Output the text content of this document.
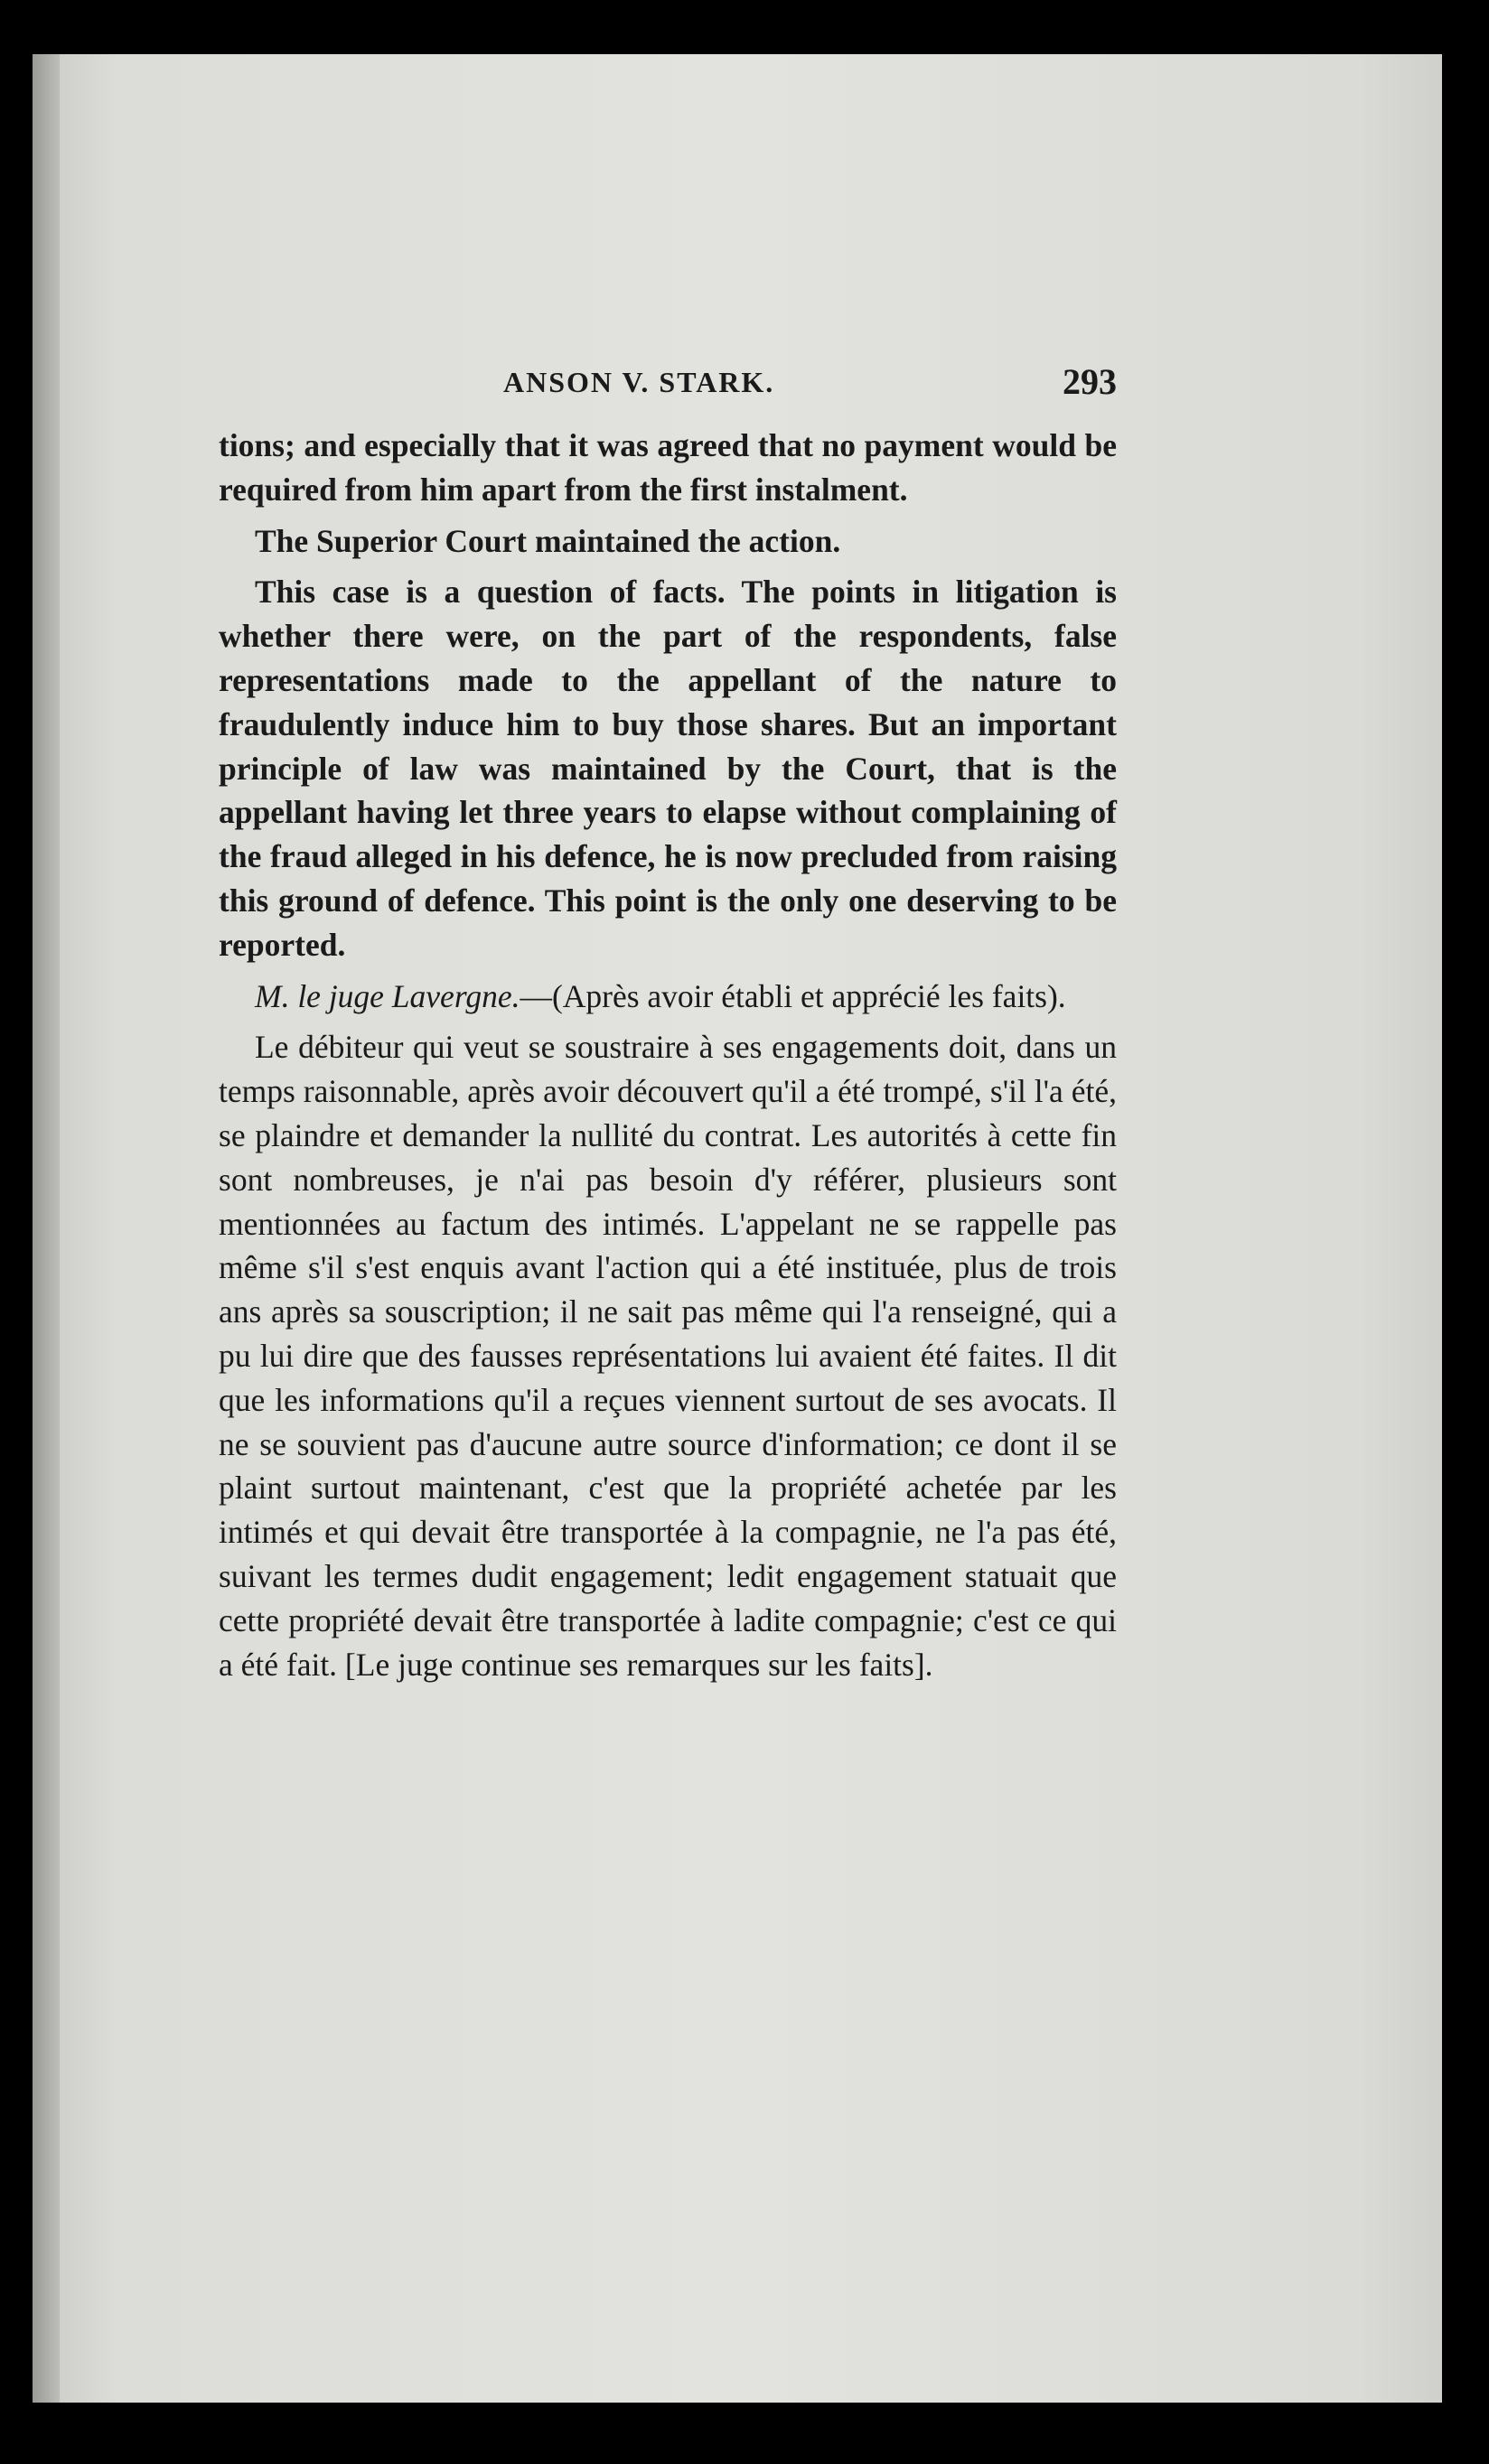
ANSON V. STARK.	293

tions; and especially that it was agreed that no payment would be required from him apart from the first instalment.

The Superior Court maintained the action.

This case is a question of facts. The points in litigation is whether there were, on the part of the respondents, false representations made to the appellant of the nature to fraudulently induce him to buy those shares. But an important principle of law was maintained by the Court, that is the appellant having let three years to elapse without complaining of the fraud alleged in his defence, he is now precluded from raising this ground of defence. This point is the only one deserving to be reported.

M. le juge Lavergne.—(Après avoir établi et apprécié les faits).

Le débiteur qui veut se soustraire à ses engagements doit, dans un temps raisonnable, après avoir découvert qu'il a été trompé, s'il l'a été, se plaindre et demander la nullité du contrat. Les autorités à cette fin sont nombreuses, je n'ai pas besoin d'y référer, plusieurs sont mentionnées au factum des intimés. L'appelant ne se rappelle pas même s'il s'est enquis avant l'action qui a été instituée, plus de trois ans après sa souscription; il ne sait pas même qui l'a renseigné, qui a pu lui dire que des fausses représentations lui avaient été faites. Il dit que les informations qu'il a reçues viennent surtout de ses avocats. Il ne se souvient pas d'aucune autre source d'information; ce dont il se plaint surtout maintenant, c'est que la propriété achetée par les intimés et qui devait être transportée à la compagnie, ne l'a pas été, suivant les termes dudit engagement; ledit engagement statuait que cette propriété devait être transportée à ladite compagnie; c'est ce qui a été fait. [Le juge continue ses remarques sur les faits].
